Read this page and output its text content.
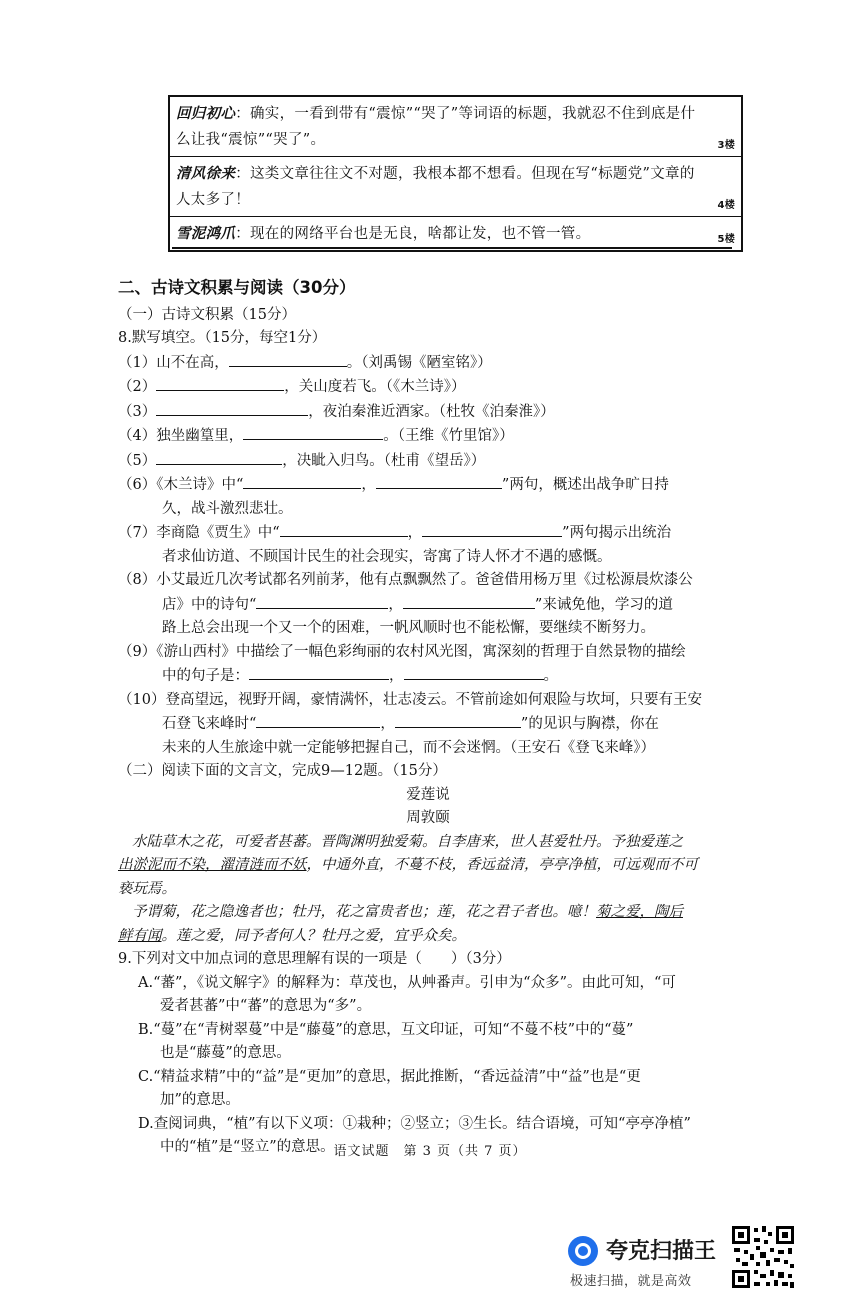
回归初心：确实，一看到带有“震惊”“哭了”等词语的标题，我就忍不住到底是什么让我“震惊”“哭了”。	3楼
清风徐来：这类文章往往文不对题，我根本都不想看。但现在写“标题党”文章的人太多了！	4楼
雪泥鸿爪：现在的网络平台也是无良，啥都让发，也不管一管。	5楼
二、古诗文积累与阅读（30分）
（一）古诗文积累（15分）
8.默写填空。（15分，每空1分）
（1）山不在高，	。（刘禹锡《陋室铭》）
（2）	，关山度若飞。（《木兰诗》）
（3）	，夜泊秦淮近酒家。（杜牧《泊秦淮》）
（4）独坐幽篁里，	。（王维《竹里馆》）
（5）	，决眦入归鸟。（杜甫《望岳》）
（6）《木兰诗》中“	，	”两句，概述出战争旷日持
久，战斗激烈悲壮。
（7）李商隐《贾生》中“	，	”两句揭示出统治
者求仙访道、不顾国计民生的社会现实，寄寓了诗人怀才不遇的感慨。
（8）小艾最近几次考试都名列前茅，他有点飘飘然了。爸爸借用杨万里《过松源晨炊漆公
店》中的诗句“	，	”来诫免他，学习的道
路上总会出现一个又一个的困难，一帆风顺时也不能松懈，要继续不断努力。
（9）《游山西村》中描绘了一幅色彩绚丽的农村风光图，寓深刻的哲理于自然景物的描绘
中的句子是：	，	。
（10）登高望远，视野开阔，豪情满怀，壮志凌云。不管前途如何艰险与坎坷，只要有王安
石登飞来峰时“	，	”的见识与胸襟，你在
未来的人生旅途中就一定能够把握自己，而不会迷惘。（王安石《登飞来峰》）
（二）阅读下面的文言文，完成9—12题。（15分）
爱莲说
周敦颐
水陆草木之花，可爱者甚蕃。晋陶渊明独爱菊。自李唐来，世人甚爱牡丹。予独爱莲之
出淤泥而不染，濯清涟而不妖，中通外直，不蔓不枝，香远益清，亭亭净植，可远观而不可
亵玩焉。
予谓菊，花之隐逸者也；牡丹，花之富贵者也；莲，花之君子者也。噫！菊之爱，陶后
鲜有闻。莲之爱，同予者何人？牡丹之爱，宜乎众矣。
9.下列对文中加点词的意思理解有误的一项是（　　）（3分）
A.“蕃”，《说文解字》的解释为：草茂也，从艸番声。引申为“众多”。由此可知，“可
爱者甚蕃”中“蕃”的意思为“多”。
B.“蔓”在“青树翠蔓”中是“藤蔓”的意思，互文印证，可知“不蔓不枝”中的“蔓”
也是“藤蔓”的意思。
C.“精益求精”中的“益”是“更加”的意思，据此推断，“香远益清”中“益”也是“更
加”的意思。
D.查阅词典，“植”有以下义项：①栽种；②竖立；③生长。结合语境，可知“亭亭净植”
中的“植”是“竖立”的意思。
语文试题　第 3 页（共 7 页）
夸克扫描王
极速扫描，就是高效
